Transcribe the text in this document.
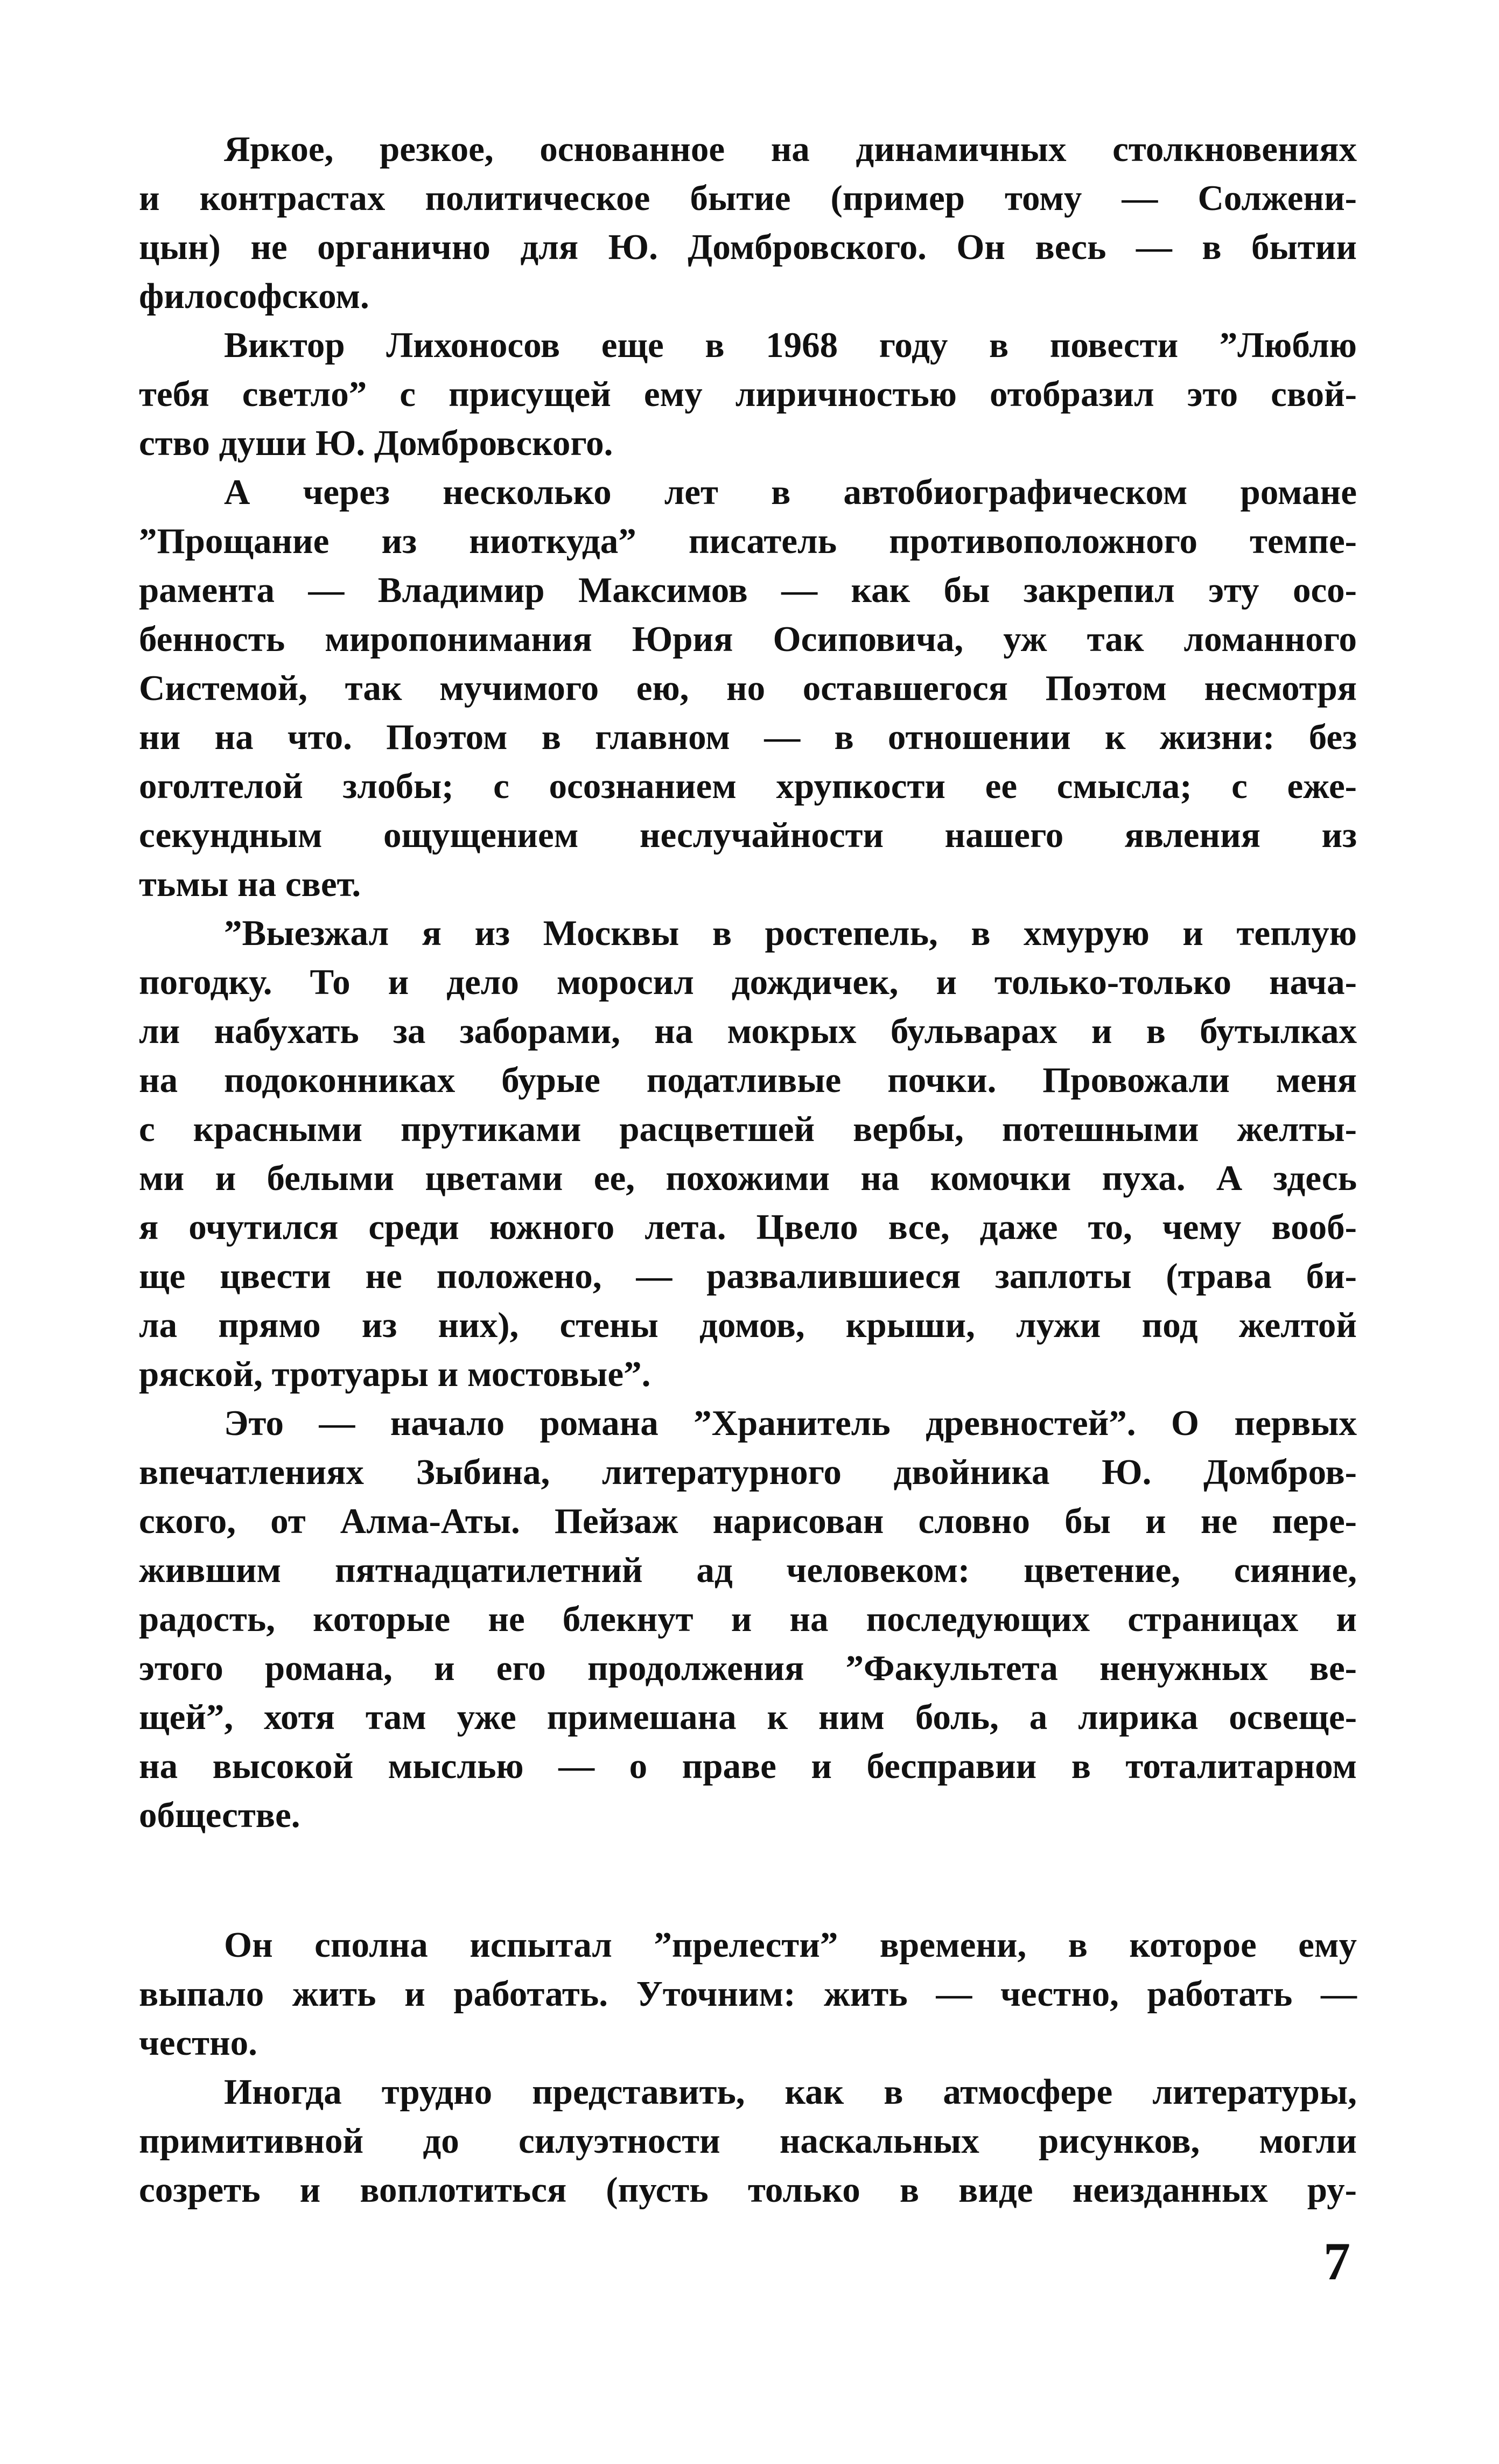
Яркое, резкое, основанное на динамичных столкновениях
и контрастах политическое бытие (пример тому — Солжени-
цын) не органично для Ю. Домбровского. Он весь — в бытии
философском.
Виктор Лихоносов еще в 1968 году в повести ”Люблю
тебя светло” с присущей ему лиричностью отобразил это свой-
ство души Ю. Домбровского.
А через несколько лет в автобиографическом романе
”Прощание из ниоткуда” писатель противоположного темпе-
рамента — Владимир Максимов — как бы закрепил эту осо-
бенность миропонимания Юрия Осиповича, уж так ломанного
Системой, так мучимого ею, но оставшегося Поэтом несмотря
ни на что. Поэтом в главном — в отношении к жизни: без
оголтелой злобы; с осознанием хрупкости ее смысла; с еже-
секундным ощущением неслучайности нашего явления из
тьмы на свет.
”Выезжал я из Москвы в ростепель, в хмурую и теплую
погодку. То и дело моросил дождичек, и только-только нача-
ли набухать за заборами, на мокрых бульварах и в бутылках
на подоконниках бурые податливые почки. Провожали меня
с красными прутиками расцветшей вербы, потешными желты-
ми и белыми цветами ее, похожими на комочки пуха. А здесь
я очутился среди южного лета. Цвело все, даже то, чему вооб-
ще цвести не положено, — развалившиеся заплоты (трава би-
ла прямо из них), стены домов, крыши, лужи под желтой
ряской, тротуары и мостовые”.
Это — начало романа ”Хранитель древностей”. О первых
впечатлениях Зыбина, литературного двойника Ю. Домбров-
ского, от Алма-Аты. Пейзаж нарисован словно бы и не пере-
жившим пятнадцатилетний ад человеком: цветение, сияние,
радость, которые не блекнут и на последующих страницах и
этого романа, и его продолжения ”Факультета ненужных ве-
щей”, хотя там уже примешана к ним боль, а лирика освеще-
на высокой мыслью — о праве и бесправии в тоталитарном
обществе.
Он сполна испытал ”прелести” времени, в которое ему
выпало жить и работать. Уточним: жить — честно, работать —
честно.
Иногда трудно представить, как в атмосфере литературы,
примитивной до силуэтности наскальных рисунков, могли
созреть и воплотиться (пусть только в виде неизданных ру-
7
